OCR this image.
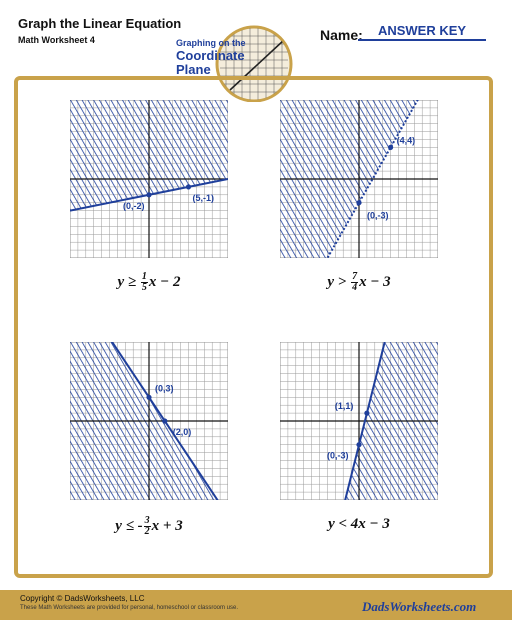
Graph the Linear Equation
Math Worksheet 4	Graphing on the
Coordinate
Plane
Name:	ANSWER KEY
(0,-2)
(5,-1)
(4,4)
(0,-3)
(0,3)
(2,0)
(1,1)
(0,-3)
$y \ge \frac{1}{5}$ x − 2	$y > \frac{7}{4}$ x − 3
y ≤ - $\frac{3}{2}$ x + 3	y < 4x − 3
Copyright © DadsWorksheets, LLC
These Math Worksheets are provided for personal, homeschool or classroom use.	DadsWorksheets.com
